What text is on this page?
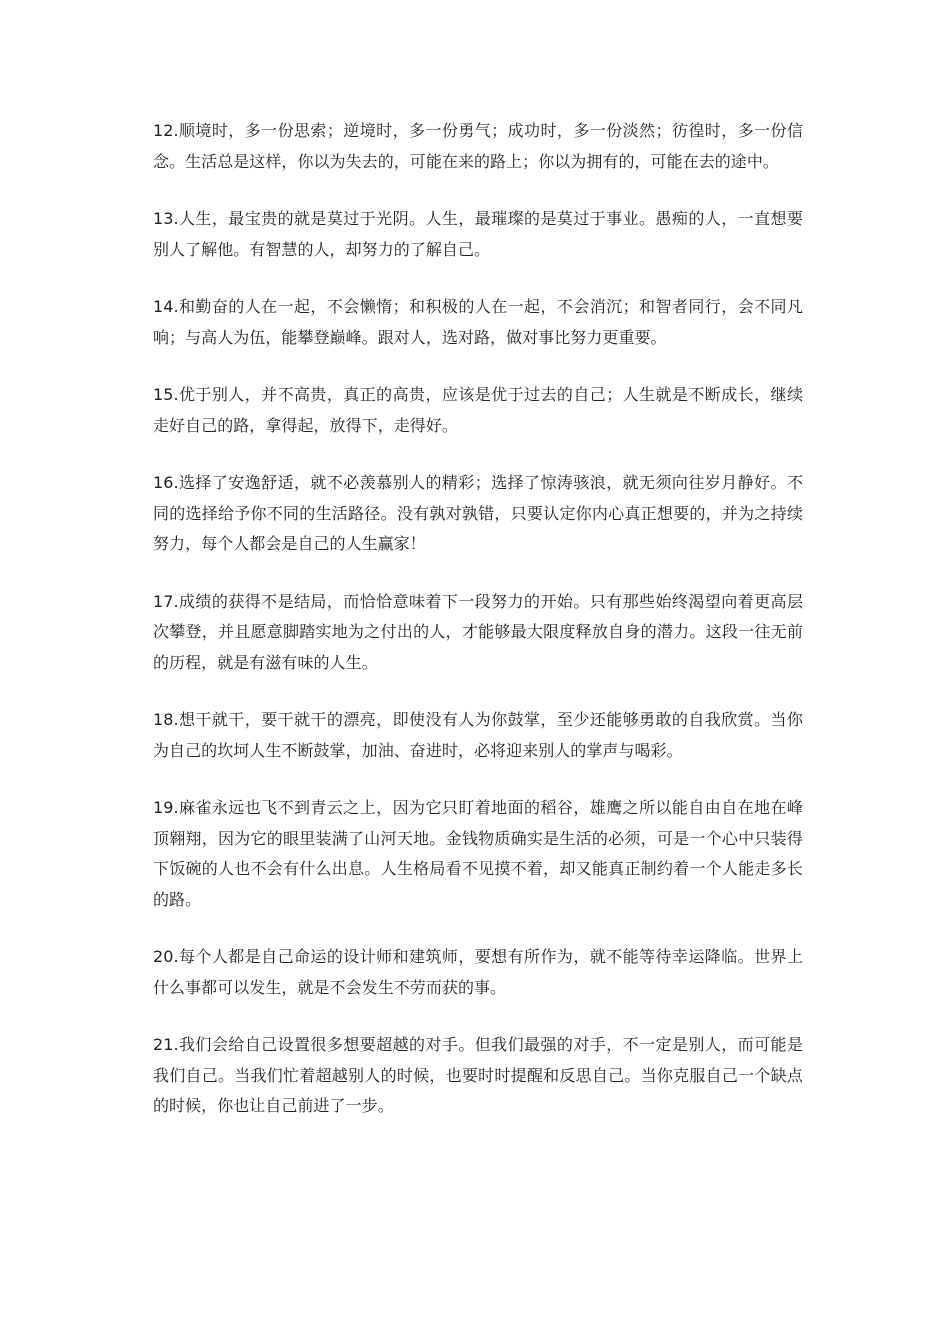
12.顺境时，多一份思索；逆境时，多一份勇气；成功时，多一份淡然；彷徨时，多一份信念。生活总是这样，你以为失去的，可能在来的路上；你以为拥有的，可能在去的途中。

13.人生，最宝贵的就是莫过于光阴。人生，最璀璨的是莫过于事业。愚痴的人，一直想要别人了解他。有智慧的人，却努力的了解自己。

14.和勤奋的人在一起，不会懒惰；和积极的人在一起，不会消沉；和智者同行，会不同凡响；与高人为伍，能攀登巅峰。跟对人，选对路，做对事比努力更重要。

15.优于别人，并不高贵，真正的高贵，应该是优于过去的自己；人生就是不断成长，继续走好自己的路，拿得起，放得下，走得好。

16.选择了安逸舒适，就不必羡慕别人的精彩；选择了惊涛骇浪，就无须向往岁月静好。不同的选择给予你不同的生活路径。没有孰对孰错，只要认定你内心真正想要的，并为之持续努力，每个人都会是自己的人生赢家！

17.成绩的获得不是结局，而恰恰意味着下一段努力的开始。只有那些始终渴望向着更高层次攀登，并且愿意脚踏实地为之付出的人，才能够最大限度释放自身的潜力。这段一往无前的历程，就是有滋有味的人生。

18.想干就干，要干就干的漂亮，即使没有人为你鼓掌，至少还能够勇敢的自我欣赏。当你为自己的坎坷人生不断鼓掌，加油、奋进时，必将迎来别人的掌声与喝彩。

19.麻雀永远也飞不到青云之上，因为它只盯着地面的稻谷，雄鹰之所以能自由自在地在峰顶翱翔，因为它的眼里装满了山河天地。金钱物质确实是生活的必须，可是一个心中只装得下饭碗的人也不会有什么出息。人生格局看不见摸不着，却又能真正制约着一个人能走多长的路。

20.每个人都是自己命运的设计师和建筑师，要想有所作为，就不能等待幸运降临。世界上什么事都可以发生，就是不会发生不劳而获的事。

21.我们会给自己设置很多想要超越的对手。但我们最强的对手，不一定是别人，而可能是我们自己。当我们忙着超越别人的时候，也要时时提醒和反思自己。当你克服自己一个缺点的时候，你也让自己前进了一步。
